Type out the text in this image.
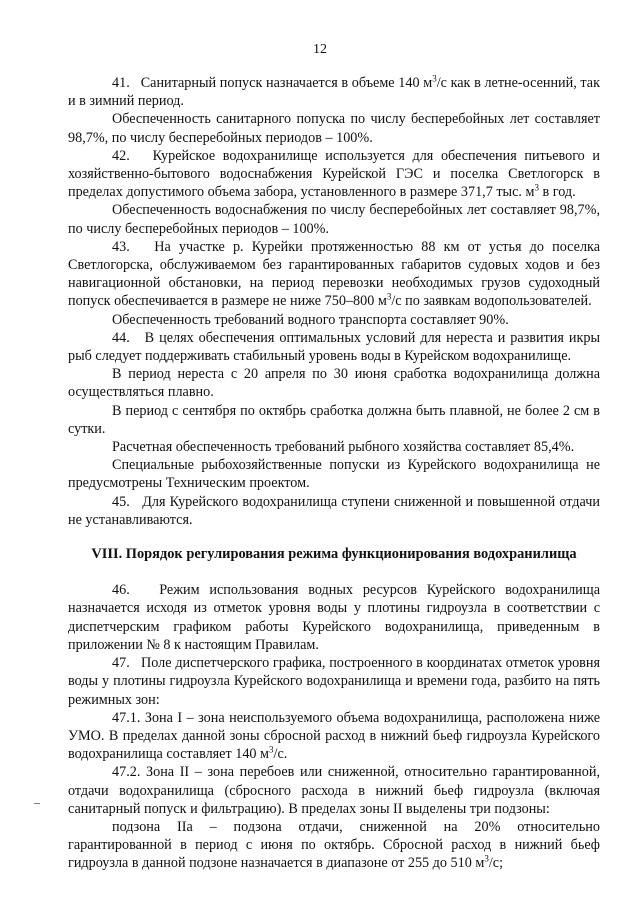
12

41.   Санитарный попуск назначается в объеме 140 $м^3/с$ как в летне-осенний, так и в зимний период.

Обеспеченность санитарного попуска по числу бесперебойных лет составляет 98,7%, по числу бесперебойных периодов – 100%.

42.   Курейское водохранилище используется для обеспечения питьевого и хозяйственно-бытового водоснабжения Курейской ГЭС и поселка Светлогорск в пределах допустимого объема забора, установленного в размере 371,7 тыс. $м^3$ в год.

Обеспеченность водоснабжения по числу бесперебойных лет составляет 98,7%, по числу бесперебойных периодов – 100%.

43.   На участке р. Курейки протяженностью 88 км от устья до поселка Светлогорска, обслуживаемом без гарантированных габаритов судовых ходов и без навигационной обстановки, на период перевозки необходимых грузов судоходный попуск обеспечивается в размере не ниже 750–800 $м^3/с$ по заявкам водопользователей.

Обеспеченность требований водного транспорта составляет 90%.

44.   В целях обеспечения оптимальных условий для нереста и развития икры рыб следует поддерживать стабильный уровень воды в Курейском водохранилище.

В период нереста с 20 апреля по 30 июня сработка водохранилища должна осуществляться плавно.

В период с сентября по октябрь сработка должна быть плавной, не более 2 см в сутки.

Расчетная обеспеченность требований рыбного хозяйства составляет 85,4%.

Специальные рыбохозяйственные попуски из Курейского водохранилища не предусмотрены Техническим проектом.

45.   Для Курейского водохранилища ступени сниженной и повышенной отдачи не устанавливаются.

VIII. Порядок регулирования режима функционирования водохранилища

46.   Режим использования водных ресурсов Курейского водохранилища назначается исходя из отметок уровня воды у плотины гидроузла в соответствии с диспетчерским графиком работы Курейского водохранилища, приведенным в приложении № 8 к настоящим Правилам.

47.   Поле диспетчерского графика, построенного в координатах отметок уровня воды у плотины гидроузла Курейского водохранилища и времени года, разбито на пять режимных зон:

47.1. Зона I – зона неиспользуемого объема водохранилища, расположена ниже УМО. В пределах данной зоны сбросной расход в нижний бьеф гидроузла Курейского водохранилища составляет 140 $м^3/с$.

47.2. Зона II – зона перебоев или сниженной, относительно гарантированной, отдачи водохранилища (сбросного расхода в нижний бьеф гидроузла (включая санитарный попуск и фильтрацию). В пределах зоны II выделены три подзоны:

подзона IIа – подзона отдачи, сниженной на 20% относительно гарантированной в период с июня по октябрь. Сбросной расход в нижний бьеф гидроузла в данной подзоне назначается в диапазоне от 255 до 510 $м^3/с$;

–
